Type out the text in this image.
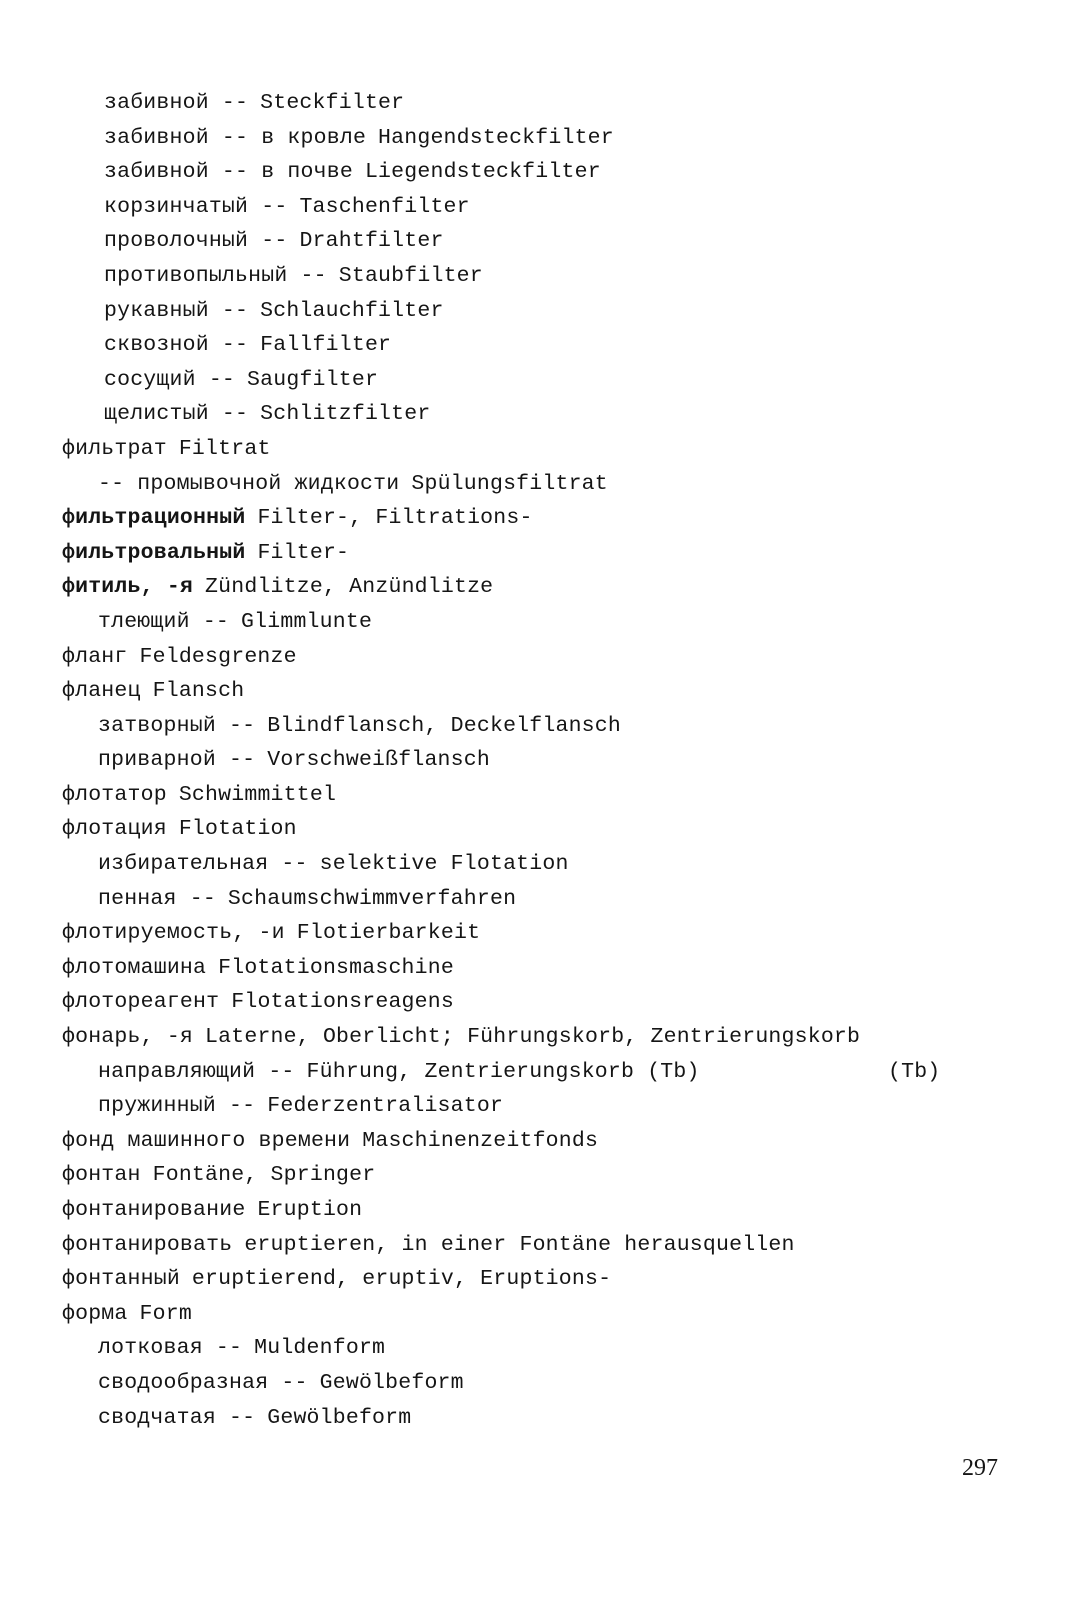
забивной -- Steckfilter
забивной -- в кровле Hangendsteckfilter
забивной -- в почве Liegendsteckfilter
корзинчатый -- Taschenfilter
проволочный -- Drahtfilter
противопыльный -- Staubfilter
рукавный -- Schlauchfilter
сквозной -- Fallfilter
сосущий -- Saugfilter
щелистый -- Schlitzfilter
фильтрат Filtrat
-- промывочной жидкости Spülungsfiltrat
фильтрационный Filter-, Filtrations-
фильтровальный Filter-
фитиль, -я Zündlitze, Anzündlitze
тлеющий -- Glimmlunte
фланг Feldesgrenze
фланец Flansch
затворный -- Blindflansch, Deckelflansch
приварной -- Vorschweißflansch
флотатор Schwimmittel
флотация Flotation
избирательная -- selektive Flotation
пенная -- Schaumschwimmverfahren
флотируемость, -и Flotierbarkeit
флотомашина Flotationsmaschine
флотореагент Flotationsreagens
фонарь, -я Laterne, Oberlicht; Führungskorb, Zentrierungskorb
направляющий -- Führung, Zentrierungskorb (Tb)	(Tb)
пружинный -- Federzentralisator
фонд машинного времени Maschinenzeitfonds
фонтан Fontäne, Springer
фонтанирование Eruption
фонтанировать eruptieren, in einer Fontäne herausquellen
фонтанный eruptierend, eruptiv, Eruptions-
форма Form
лотковая -- Muldenform
сводообразная -- Gewölbeform
сводчатая -- Gewölbeform
297
